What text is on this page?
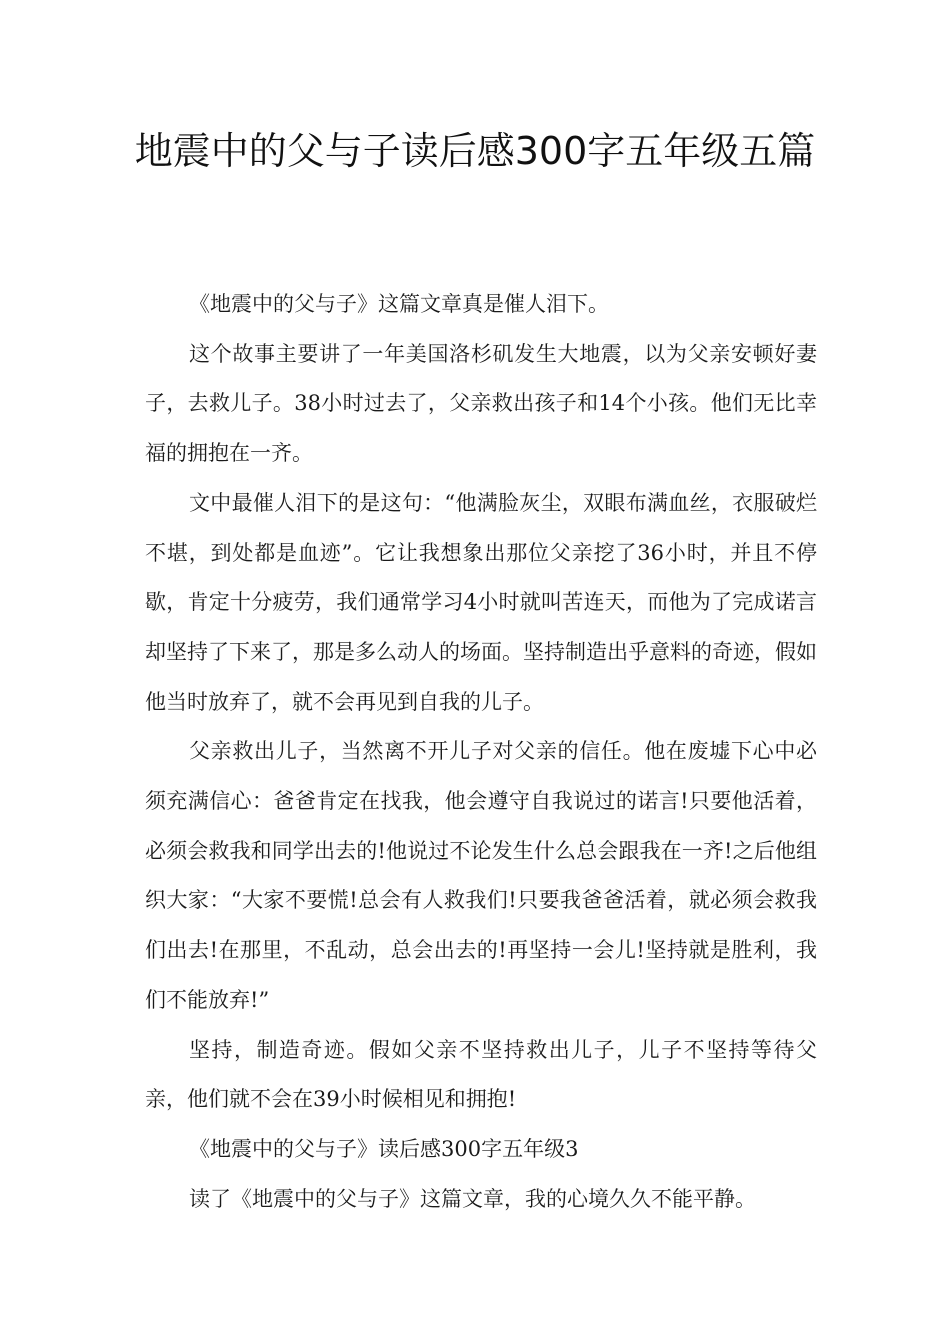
地震中的父与子读后感300字五年级五篇

《地震中的父与子》这篇文章真是催人泪下。

这个故事主要讲了一年美国洛杉矶发生大地震，以为父亲安顿好妻子，去救儿子。38小时过去了，父亲救出孩子和14个小孩。他们无比幸福的拥抱在一齐。

文中最催人泪下的是这句：“他满脸灰尘，双眼布满血丝，衣服破烂不堪，到处都是血迹”。它让我想象出那位父亲挖了36小时，并且不停歇，肯定十分疲劳，我们通常学习4小时就叫苦连天，而他为了完成诺言却坚持了下来了，那是多么动人的场面。坚持制造出乎意料的奇迹，假如他当时放弃了，就不会再见到自我的儿子。

父亲救出儿子，当然离不开儿子对父亲的信任。他在废墟下心中必须充满信心：爸爸肯定在找我，他会遵守自我说过的诺言!只要他活着，必须会救我和同学出去的!他说过不论发生什么总会跟我在一齐!之后他组织大家：“大家不要慌!总会有人救我们!只要我爸爸活着，就必须会救我们出去!在那里，不乱动，总会出去的!再坚持一会儿!坚持就是胜利，我们不能放弃!”

坚持，制造奇迹。假如父亲不坚持救出儿子，儿子不坚持等待父亲，他们就不会在39小时候相见和拥抱!

《地震中的父与子》读后感300字五年级3

读了《地震中的父与子》这篇文章，我的心境久久不能平静。
